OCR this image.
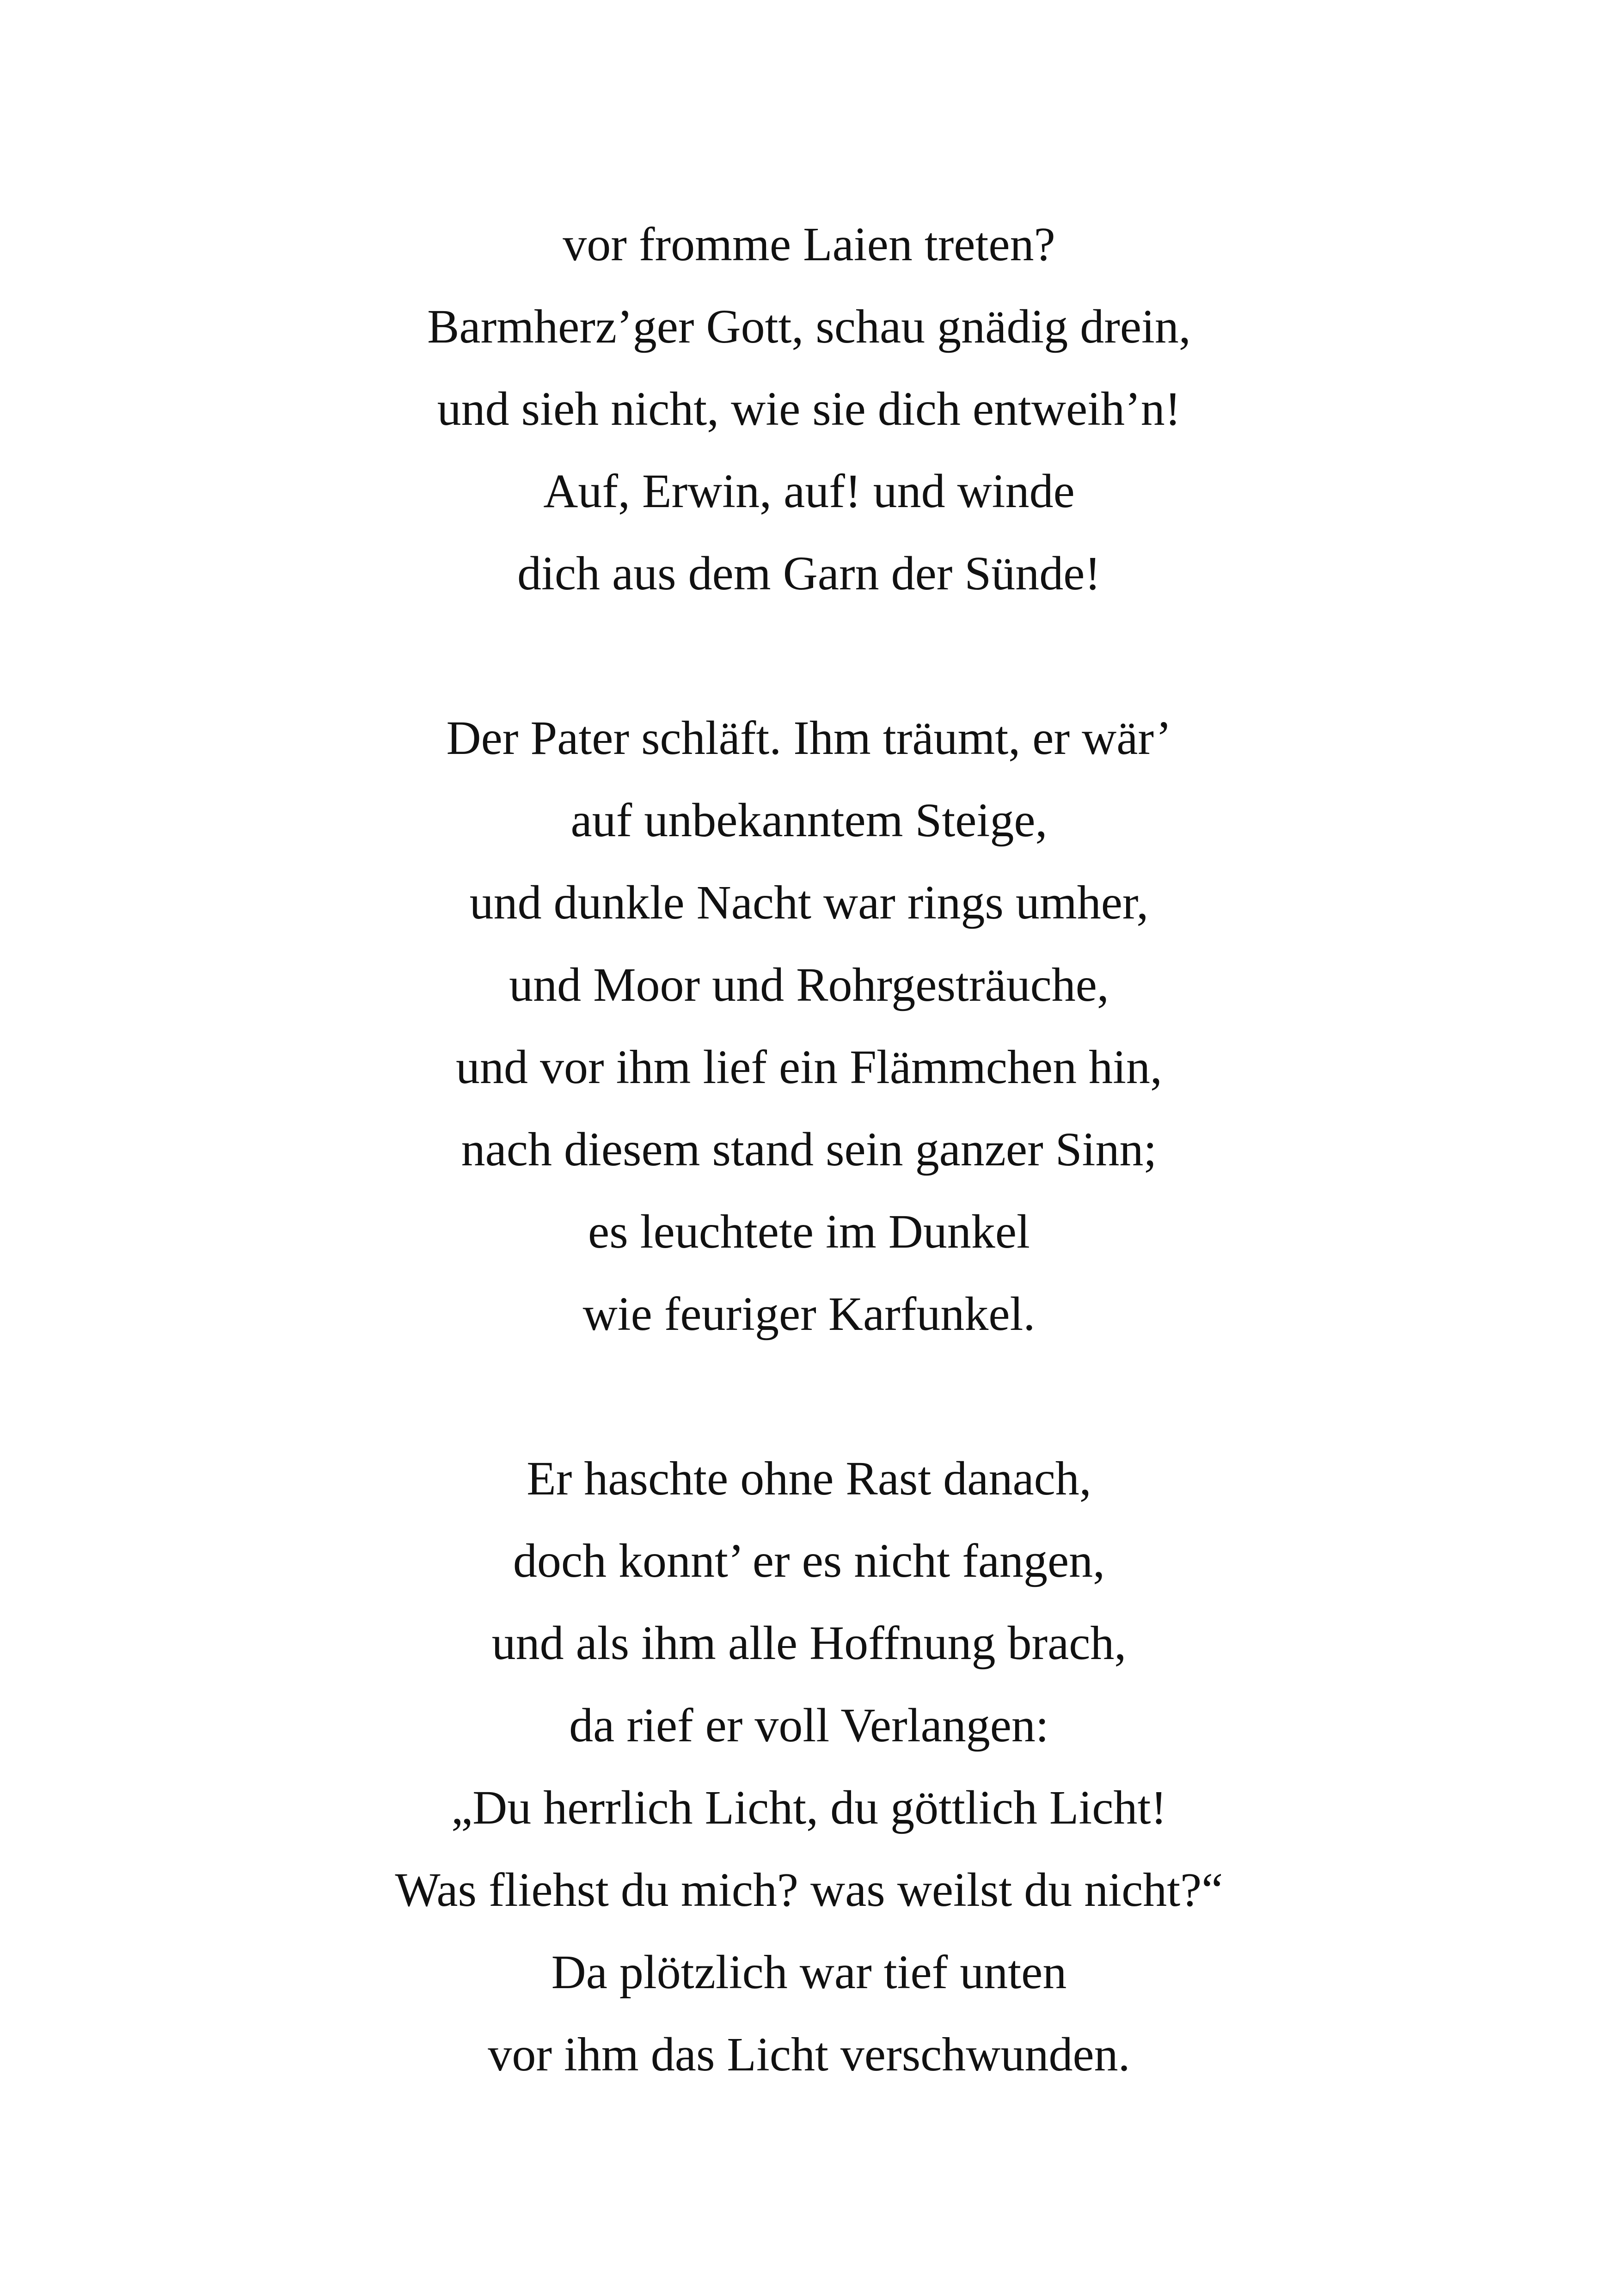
vor fromme Laien treten?
Barmherz’ger Gott, schau gnädig drein,
und sieh nicht, wie sie dich entweih’n!
Auf, Erwin, auf! und winde
dich aus dem Garn der Sünde!
Der Pater schläft. Ihm träumt, er wär’
auf unbekanntem Steige,
und dunkle Nacht war rings umher,
und Moor und Rohrgesträuche,
und vor ihm lief ein Flämmchen hin,
nach diesem stand sein ganzer Sinn;
es leuchtete im Dunkel
wie feuriger Karfunkel.
Er haschte ohne Rast danach,
doch konnt’ er es nicht fangen,
und als ihm alle Hoffnung brach,
da rief er voll Verlangen:
„Du herrlich Licht, du göttlich Licht!
Was fliehst du mich? was weilst du nicht?“
Da plötzlich war tief unten
vor ihm das Licht verschwunden.
